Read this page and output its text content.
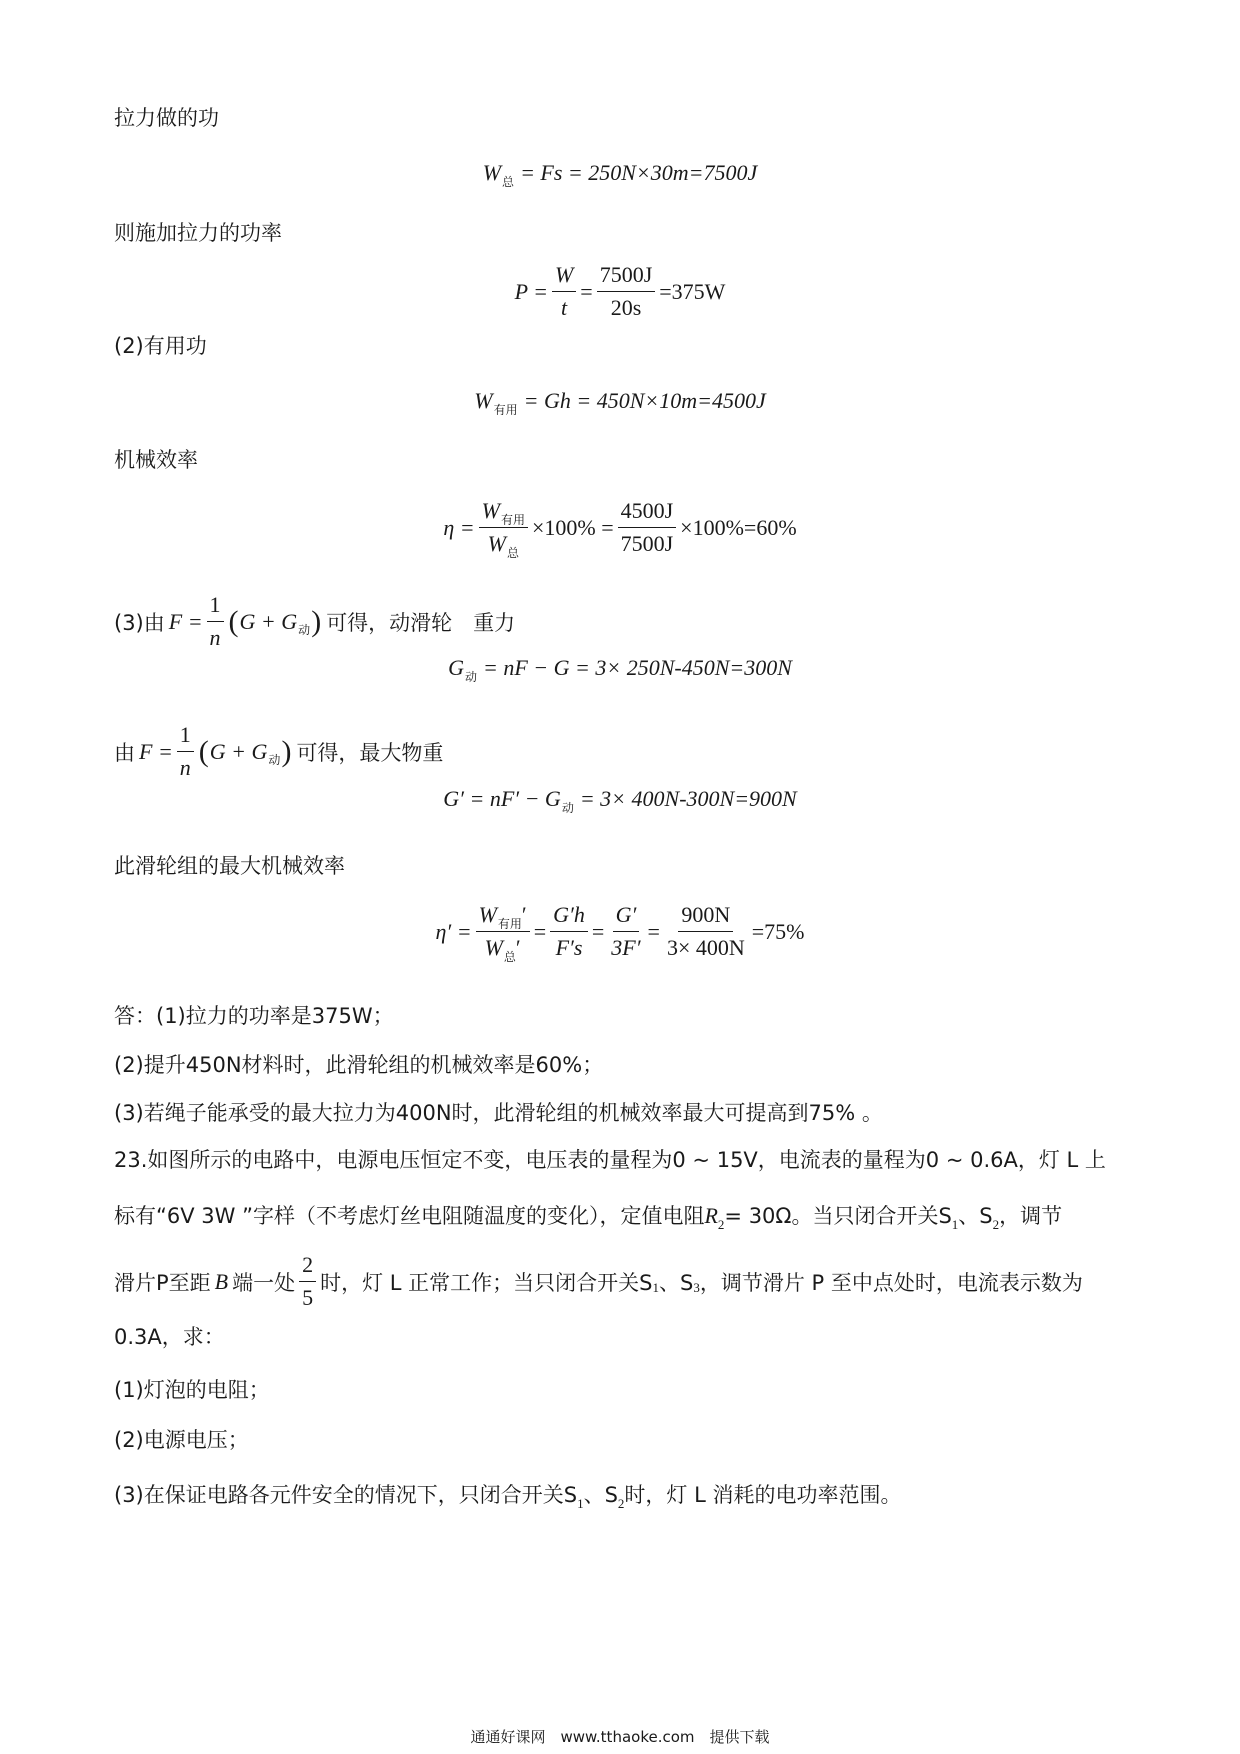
拉力做的功
W 总 = Fs = 250N×30m=7500J
则施加拉力的功率
$P = \frac{W}{t} = \frac{7500J}{20s} =375W$
(2)有用功
W 有用 = Gh = 450N×10m=4500J
机械效率
$\eta = \frac{W_{有用}}{W_总} \times 100\% = \frac{4500J}{7500J} \times 100\%=60\%$
(3)由 $F = \frac{1}{n}$ ( G + G 动 ) 可得，动滑轮　重力
G 动 = nF − G = 3× 250N-450N=300N
由 $F = \frac{1}{n}$ ( G + G 动 ) 可得，最大物重
G′ = nF′ − G 动 = 3× 400N-300N=900N
此滑轮组的最大机械效率
$\eta' = \frac{W_{有用}'}{W_总'} = \frac{G'h}{F's} = \frac{G'}{3F'} = \frac{900N}{3\times 400N} =75\%$
答：(1)拉力的功率是375W；
(2)提升450N材料时，此滑轮组的机械效率是60%；
(3)若绳子能承受的最大拉力为400N时，此滑轮组的机械效率最大可提高到75% 。
23.如图所示的电路中，电源电压恒定不变，电压表的量程为0 ~ 15V，电流表的量程为0 ~ 0.6A，灯 L 上
标有“6V 3W ”字样（不考虑灯丝电阻随温度的变化），定值电阻$R_2= 30\Omega$。当只闭合开关$S_1$、$S_2$，调节
滑片P至距 B 端一处 $\frac{2}{5}$ 时，灯 L 正常工作；当只闭合开关S 1 、S 3 ，调节滑片 P 至中点处时，电流表示数为
0.3A，求：
(1)灯泡的电阻；
(2)电源电压；
(3)在保证电路各元件安全的情况下，只闭合开关$S_1$、$S_2$时，灯 L 消耗的电功率范围。
通通好课网　www.tthaoke.com　提供下载
